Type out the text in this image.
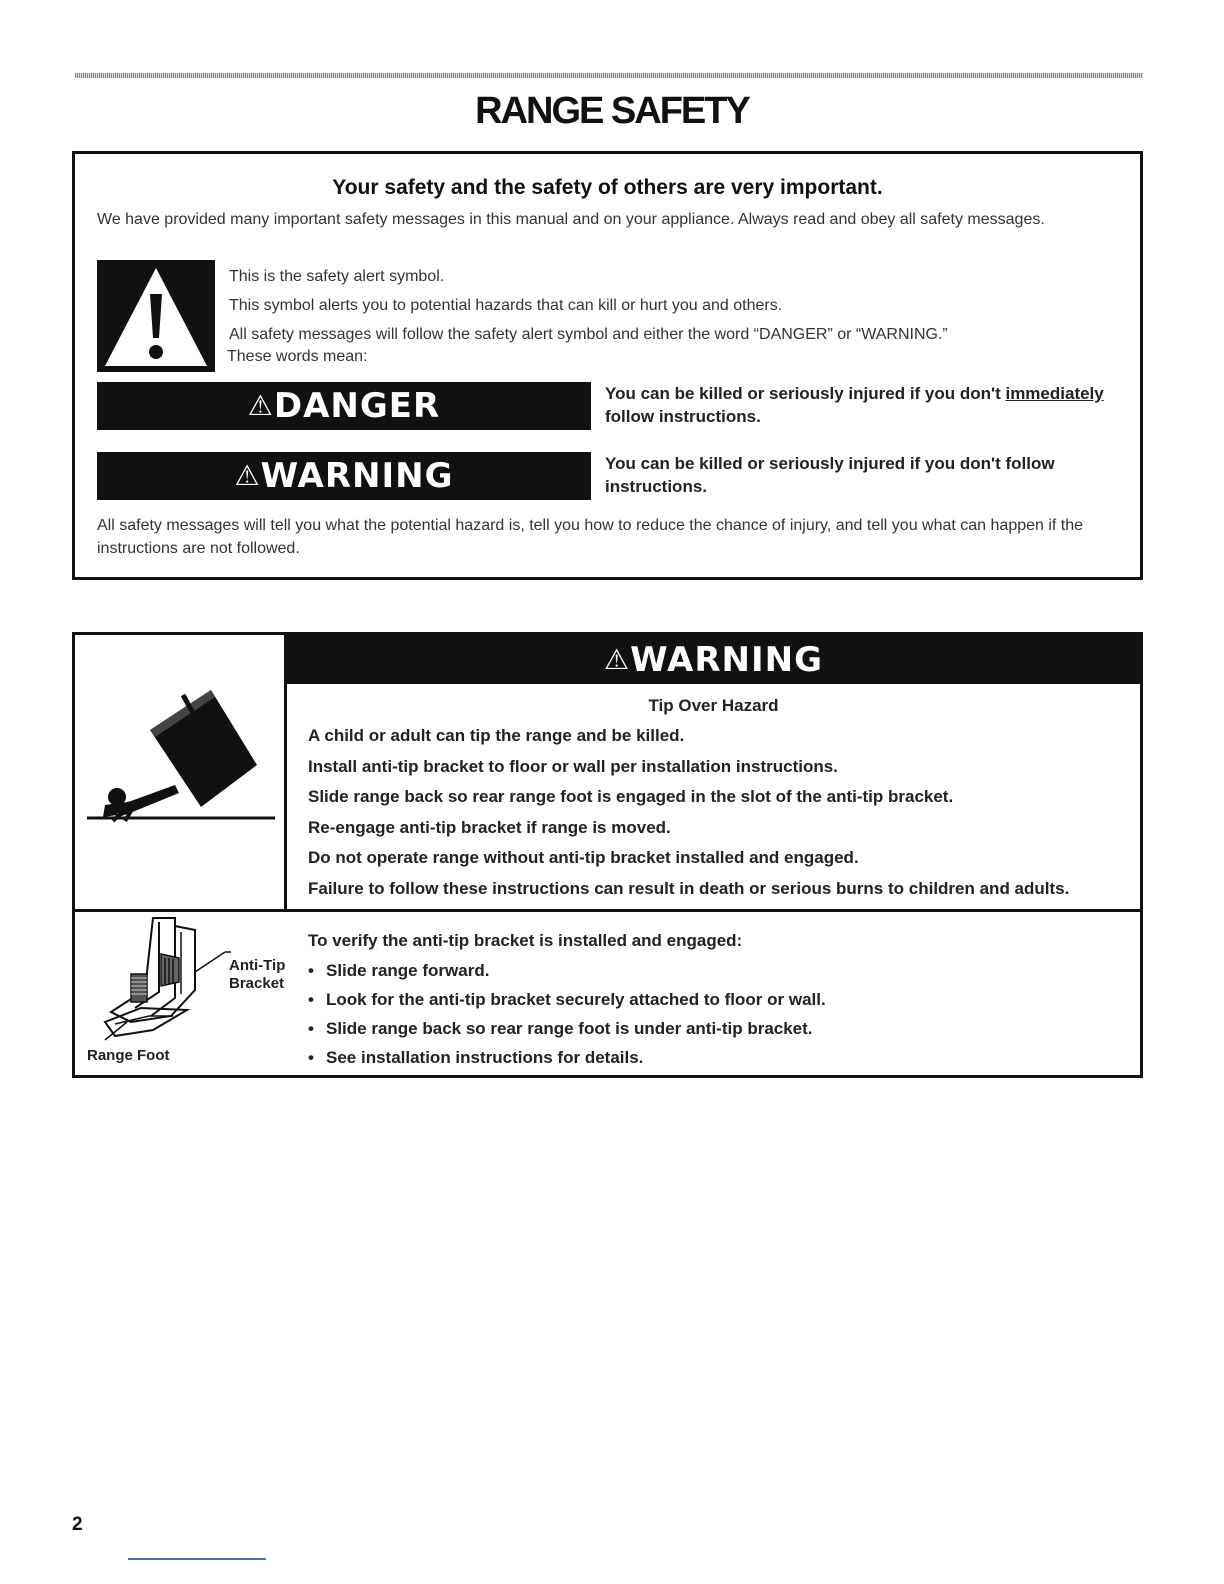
RANGE SAFETY
Your safety and the safety of others are very important.

We have provided many important safety messages in this manual and on your appliance. Always read and obey all safety messages.

This is the safety alert symbol.
This symbol alerts you to potential hazards that can kill or hurt you and others.
All safety messages will follow the safety alert symbol and either the word “DANGER” or “WARNING.”
These words mean:
⚠DANGER	You can be killed or seriously injured if you don't immediately follow instructions.

⚠WARNING	You can be killed or seriously injured if you don't follow instructions.

All safety messages will tell you what the potential hazard is, tell you how to reduce the chance of injury, and tell you what can happen if the instructions are not followed.

⚠WARNING
Tip Over Hazard
A child or adult can tip the range and be killed.
Install anti-tip bracket to floor or wall per installation instructions.
Slide range back so rear range foot is engaged in the slot of the anti-tip bracket.
Re-engage anti-tip bracket if range is moved.
Do not operate range without anti-tip bracket installed and engaged.
Failure to follow these instructions can result in death or serious burns to children and adults.
Anti-Tip
Bracket
Range Foot
To verify the anti-tip bracket is installed and engaged:
• Slide range forward.
• Look for the anti-tip bracket securely attached to floor or wall.
• Slide range back so rear range foot is under anti-tip bracket.
• See installation instructions for details.
2
